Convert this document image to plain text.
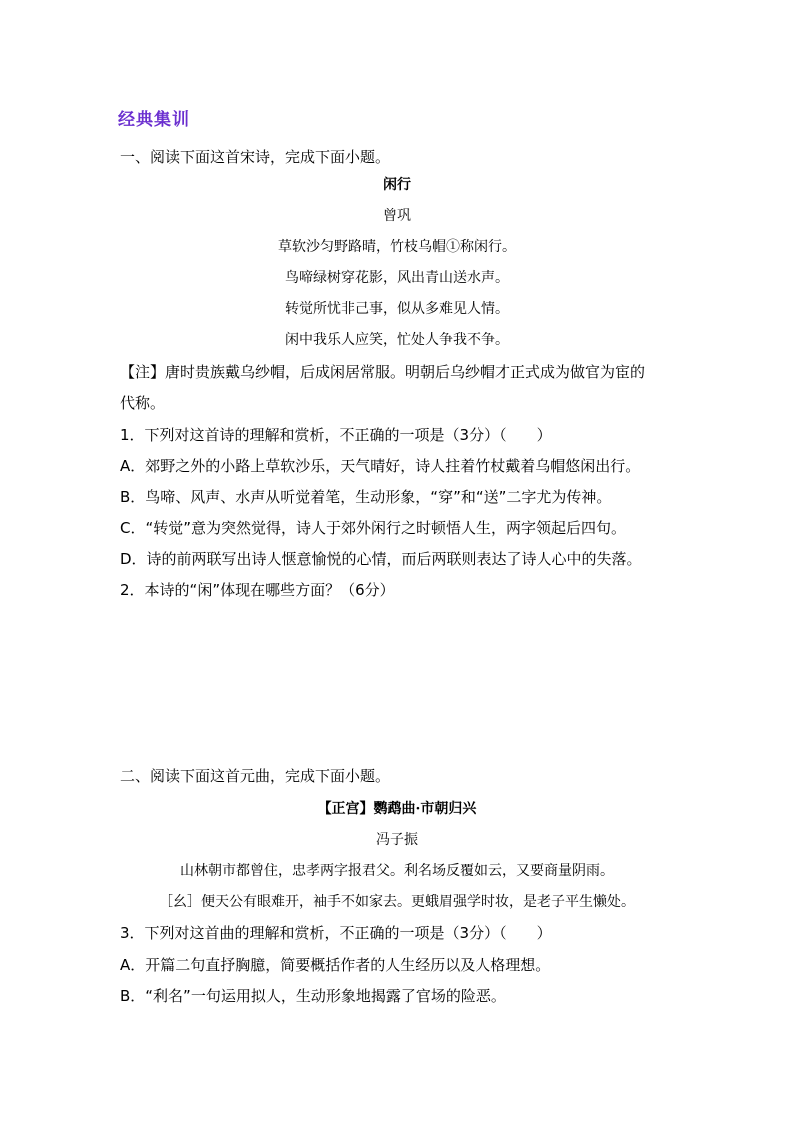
经典集训
一、阅读下面这首宋诗，完成下面小题。
闲行
曾巩
草软沙匀野路晴，竹枝乌帽①称闲行。
鸟啼绿树穿花影，风出青山送水声。
转觉所忧非己事，似从多难见人情。
闲中我乐人应笑，忙处人争我不争。
【注】唐时贵族戴乌纱帽，后成闲居常服。明朝后乌纱帽才正式成为做官为宦的
代称。
1．下列对这首诗的理解和赏析，不正确的一项是（3分）（　　）
A．郊野之外的小路上草软沙乐，天气晴好，诗人拄着竹杖戴着乌帽悠闲出行。
B．鸟啼、风声、水声从听觉着笔，生动形象，“穿”和“送”二字尤为传神。
C．“转觉”意为突然觉得，诗人于郊外闲行之时顿悟人生，两字领起后四句。
D．诗的前两联写出诗人惬意愉悦的心情，而后两联则表达了诗人心中的失落。
2．本诗的“闲”体现在哪些方面？（6分）
二、阅读下面这首元曲，完成下面小题。
【正宫】鹦鹉曲·市朝归兴
冯子振
山林朝市都曾住，忠孝两字报君父。利名场反覆如云，又要商量阴雨。
［幺］便天公有眼难开，袖手不如家去。更蛾眉强学时妆，是老子平生懒处。
3．下列对这首曲的理解和赏析，不正确的一项是（3分）（　　）
A．开篇二句直抒胸臆，简要概括作者的人生经历以及人格理想。
B．“利名”一句运用拟人，生动形象地揭露了官场的险恶。
